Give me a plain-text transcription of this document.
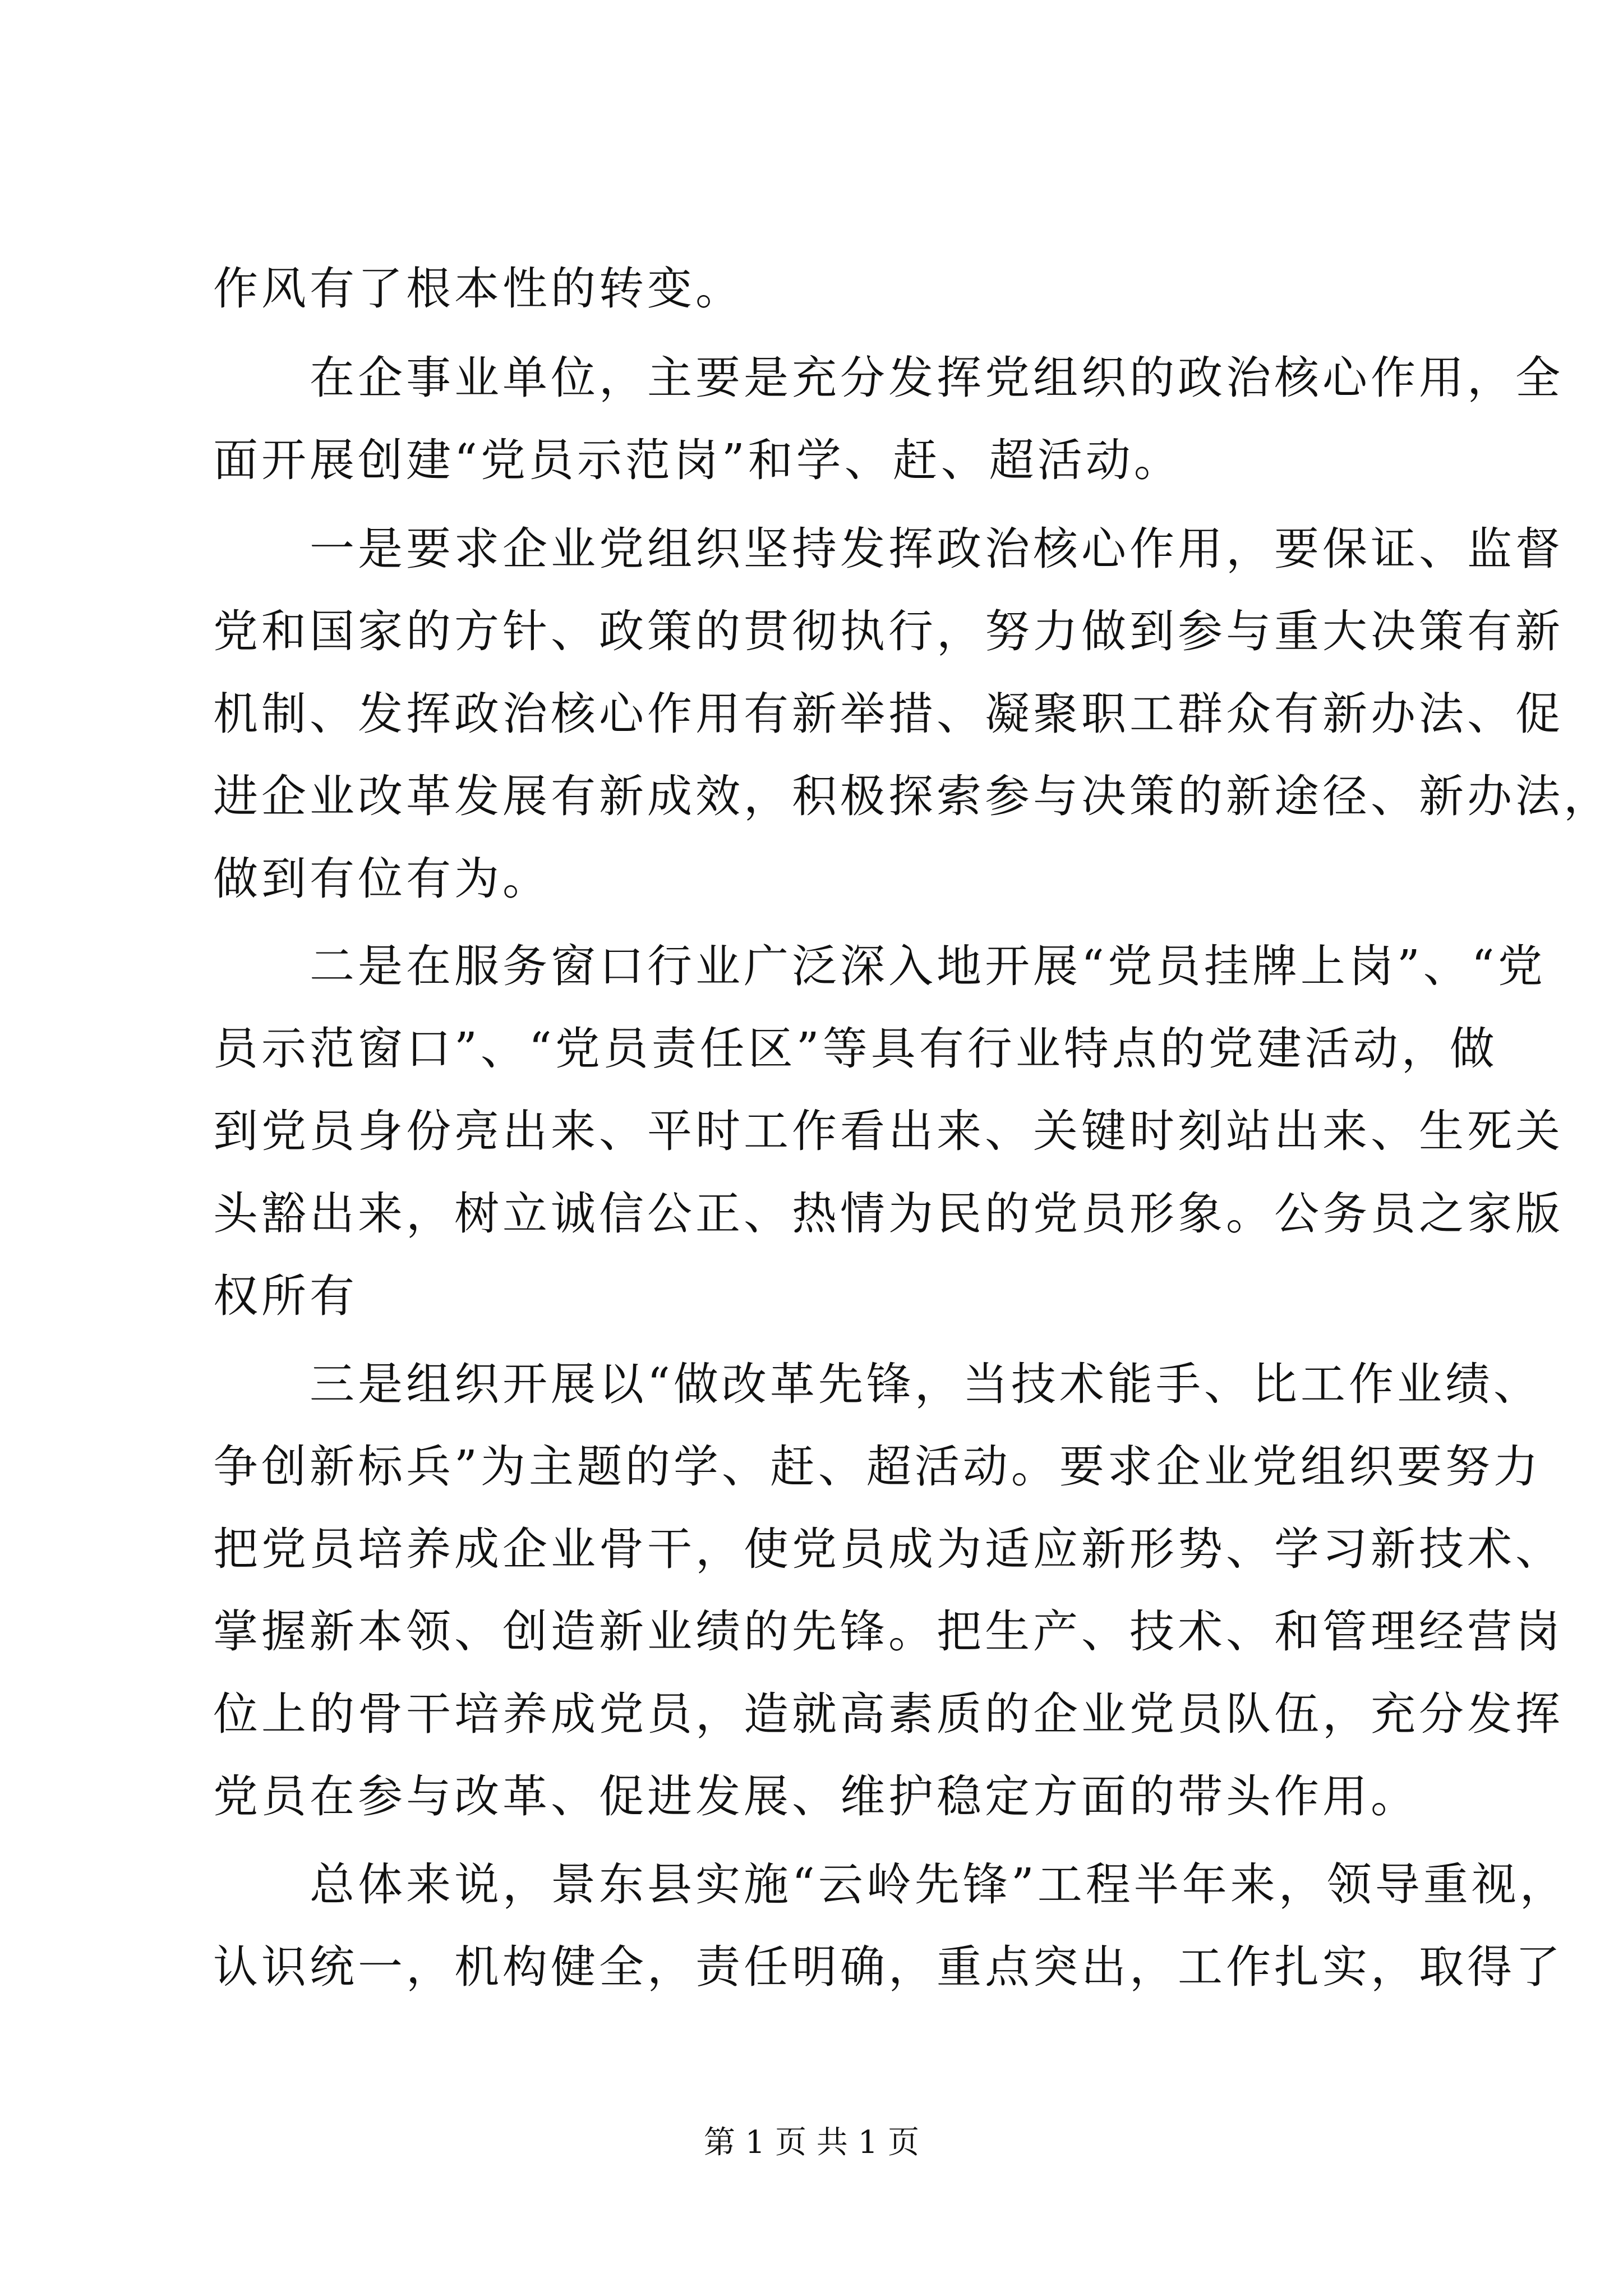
作风有了根本性的转变。
　　在企事业单位，主要是充分发挥党组织的政治核心作用，全
面开展创建“党员示范岗”和学、赶、超活动。
　　一是要求企业党组织坚持发挥政治核心作用，要保证、监督
党和国家的方针、政策的贯彻执行，努力做到参与重大决策有新
机制、发挥政治核心作用有新举措、凝聚职工群众有新办法、促
进企业改革发展有新成效，积极探索参与决策的新途径、新办法，
做到有位有为。
　　二是在服务窗口行业广泛深入地开展“党员挂牌上岗”、“党
员示范窗口”、“党员责任区”等具有行业特点的党建活动，做
到党员身份亮出来、平时工作看出来、关键时刻站出来、生死关
头豁出来，树立诚信公正、热情为民的党员形象。公务员之家版
权所有
　　三是组织开展以“做改革先锋，当技术能手、比工作业绩、
争创新标兵”为主题的学、赶、超活动。要求企业党组织要努力
把党员培养成企业骨干，使党员成为适应新形势、学习新技术、
掌握新本领、创造新业绩的先锋。把生产、技术、和管理经营岗
位上的骨干培养成党员，造就高素质的企业党员队伍，充分发挥
党员在参与改革、促进发展、维护稳定方面的带头作用。
　　总体来说，景东县实施“云岭先锋”工程半年来，领导重视，
认识统一，机构健全，责任明确，重点突出，工作扎实，取得了
第 1 页 共 1 页
